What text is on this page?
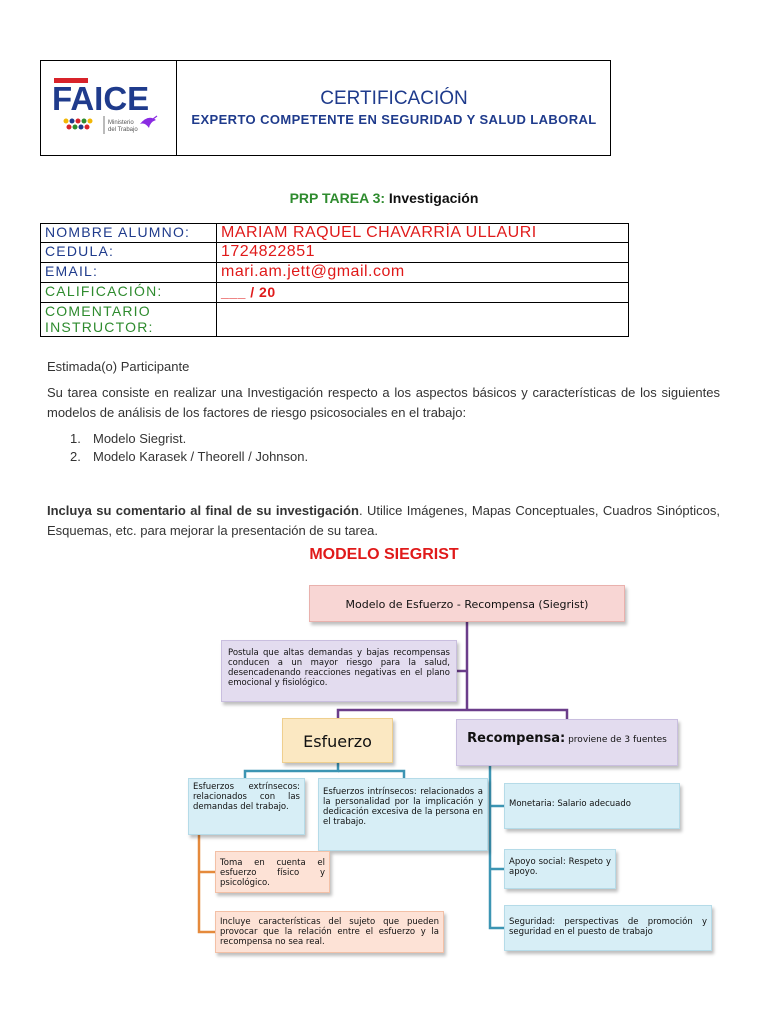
FAICE
Ministerio
del Trabajo
CERTIFICACIÓN
EXPERTO COMPETENTE EN SEGURIDAD Y SALUD LABORAL
PRP TAREA 3: Investigación
NOMBRE ALUMNO:	MARIAM RAQUEL CHAVARRÍA ULLAURI
CEDULA:	1724822851
EMAIL:	mari.am.jett@gmail.com
CALIFICACIÓN:	___ / 20
COMENTARIO INSTRUCTOR:	
Estimada(o) Participante
Su tarea consiste en realizar una Investigación respecto a los aspectos básicos y características de los siguientes modelos de análisis de los factores de riesgo psicosociales en el trabajo:
1. Modelo Siegrist.
2. Modelo Karasek / Theorell / Johnson.
Incluya su comentario al final de su investigación. Utilice Imágenes, Mapas Conceptuales, Cuadros Sinópticos, Esquemas, etc. para mejorar la presentación de su tarea.
MODELO SIEGRIST
Modelo de Esfuerzo - Recompensa (Siegrist)
Postula que altas demandas y bajas recompensas conducen a un mayor riesgo para la salud, desencadenando reacciones negativas en el plano emocional y fisiológico.
Esfuerzo	Recompensa: proviene de 3 fuentes
Esfuerzos extrínsecos: relacionados con las demandas del trabajo.
Esfuerzos intrínsecos: relacionados a la personalidad por la implicación y dedicación excesiva de la persona en el trabajo.
Monetaria: Salario adecuado
Toma en cuenta el esfuerzo físico y psicológico.
Apoyo social: Respeto y apoyo.
Incluye características del sujeto que pueden provocar que la relación entre el esfuerzo y la recompensa no sea real.
Seguridad: perspectivas de promoción y seguridad en el puesto de trabajo
